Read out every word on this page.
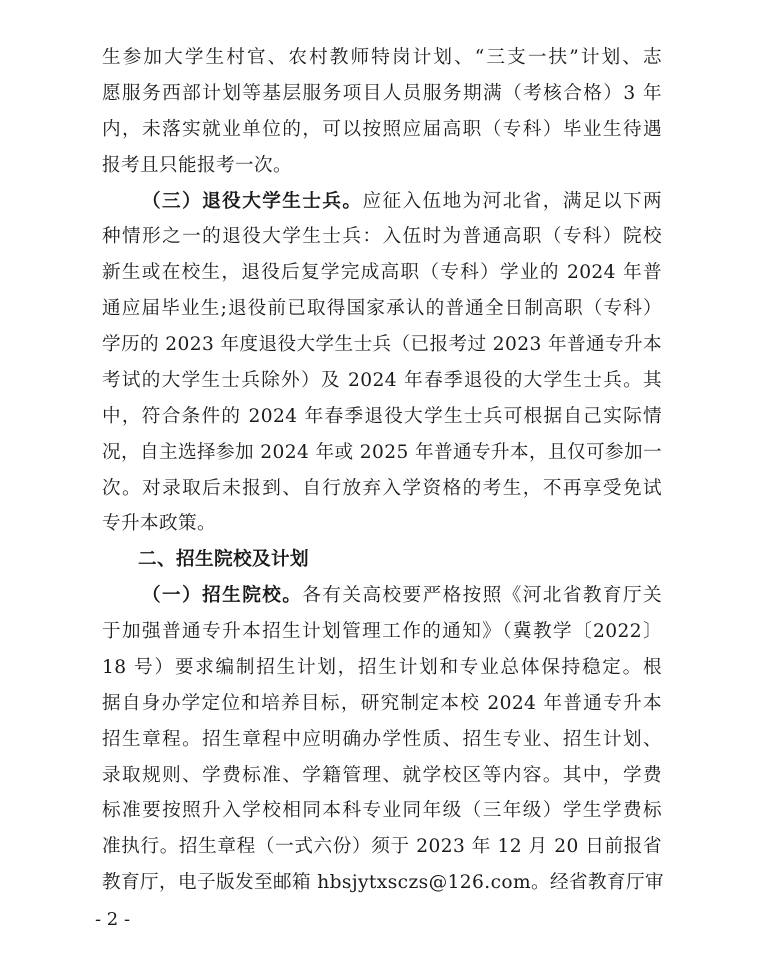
生参加大学生村官、农村教师特岗计划、“三支一扶”计划、志
愿服务西部计划等基层服务项目人员服务期满（考核合格）3 年
内，未落实就业单位的，可以按照应届高职（专科）毕业生待遇
报考且只能报考一次。
（三）退役大学生士兵。应征入伍地为河北省，满足以下两
种情形之一的退役大学生士兵：入伍时为普通高职（专科）院校
新生或在校生，退役后复学完成高职（专科）学业的 2024 年普
通应届毕业生;退役前已取得国家承认的普通全日制高职（专科）
学历的 2023 年度退役大学生士兵（已报考过 2023 年普通专升本
考试的大学生士兵除外）及 2024 年春季退役的大学生士兵。其
中，符合条件的 2024 年春季退役大学生士兵可根据自己实际情
况，自主选择参加 2024 年或 2025 年普通专升本，且仅可参加一
次。对录取后未报到、自行放弃入学资格的考生，不再享受免试
专升本政策。
二、招生院校及计划
（一）招生院校。各有关高校要严格按照《河北省教育厅关
于加强普通专升本招生计划管理工作的通知》（冀教学〔2022〕
18 号）要求编制招生计划，招生计划和专业总体保持稳定。根
据自身办学定位和培养目标，研究制定本校 2024 年普通专升本
招生章程。招生章程中应明确办学性质、招生专业、招生计划、
录取规则、学费标准、学籍管理、就学校区等内容。其中，学费
标准要按照升入学校相同本科专业同年级（三年级）学生学费标
准执行。招生章程（一式六份）须于 2023 年 12 月 20 日前报省
教育厅，电子版发至邮箱 hbsjytxsczs@126.com。经省教育厅审
- 2 -
